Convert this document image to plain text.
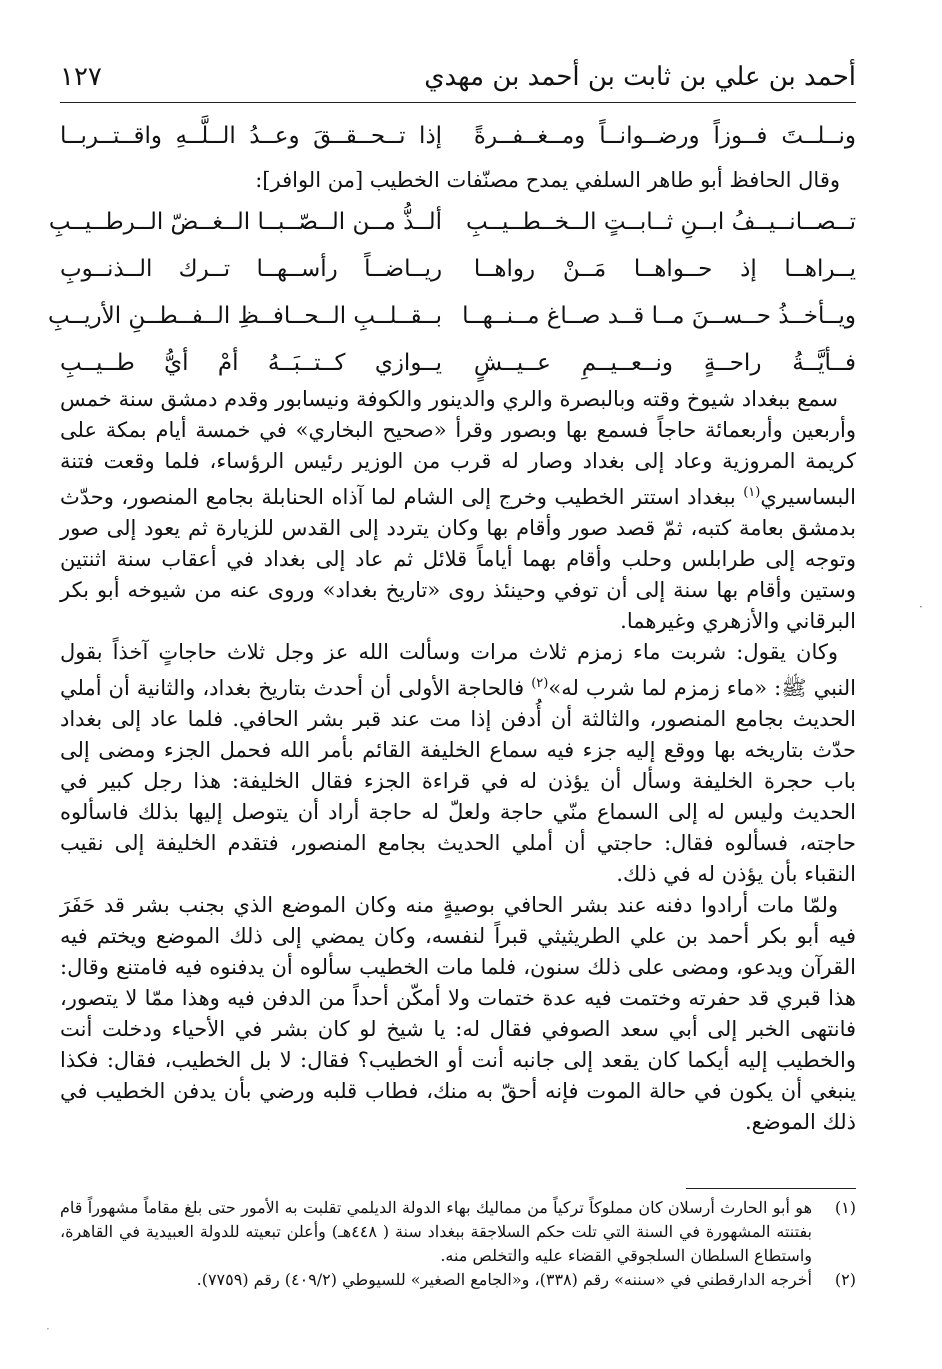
أحمد بن علي بن ثابت بن أحمد بن مهدي
١٢٧
ونــلــتَ فــوزاً ورضــوانــاً ومــغــفــرةً
إذا تــحــقــقَ وعــدُ الــلَّــهِ واقــتــربــا
وقال الحافظ أبو طاهر السلفي يمدح مصنّفات الخطيب [من الوافر]:
تــصــانــيــفُ ابــنِ ثــابــتٍ الــخــطــيــبِ
ألــذُّ مــن الــصّــبــا الــغــضّ الــرطــيــبِ
يــراهــا إذ حــواهــا مَــنْ رواهــا
ريــاضــاً رأســهــا تــرك الــذنــوبِ
ويــأخــذُ حــســنَ مــا قــد صــاغ مــنــهــا
بــقــلــبِ الــحــافــظِ الــفــطــنِ الأريــبِ
فــأيَّــةُ راحــةٍ ونــعــيــمِ عــيــشٍ
يــوازي كــتــبَــهُ أمْ أيُّ طــيــبِ

سمع ببغداد شيوخ وقته وبالبصرة والري والدينور والكوفة ونيسابور وقدم دمشق سنة خمس وأربعين وأربعمائة حاجاً فسمع بها وبصور وقرأ «صحيح البخاري» في خمسة أيام بمكة على كريمة المروزية وعاد إلى بغداد وصار له قرب من الوزير رئيس الرؤساء، فلما وقعت فتنة البساسيري$^{(١)}$ ببغداد استتر الخطيب وخرج إلى الشام لما آذاه الحنابلة بجامع المنصور، وحدّث بدمشق بعامة كتبه، ثمّ قصد صور وأقام بها وكان يتردد إلى القدس للزيارة ثم يعود إلى صور وتوجه إلى طرابلس وحلب وأقام بهما أياماً قلائل ثم عاد إلى بغداد في أعقاب سنة اثنتين وستين وأقام بها سنة إلى أن توفي وحينئذ روى «تاريخ بغداد» وروى عنه من شيوخه أبو بكر البرقاني والأزهري وغيرهما.

وكان يقول: شربت ماء زمزم ثلاث مرات وسألت الله عز وجل ثلاث حاجاتٍ آخذاً بقول النبي ﷺ: «ماء زمزم لما شرب له»$^{(٢)}$ فالحاجة الأولى أن أحدث بتاريخ بغداد، والثانية أن أملي الحديث بجامع المنصور، والثالثة أن أُدفن إذا مت عند قبر بشر الحافي. فلما عاد إلى بغداد حدّث بتاريخه بها ووقع إليه جزء فيه سماع الخليفة القائم بأمر الله فحمل الجزء ومضى إلى باب حجرة الخليفة وسأل أن يؤذن له في قراءة الجزء فقال الخليفة: هذا رجل كبير في الحديث وليس له إلى السماع منّي حاجة ولعلّ له حاجة أراد أن يتوصل إليها بذلك فاسألوه حاجته، فسألوه فقال: حاجتي أن أملي الحديث بجامع المنصور، فتقدم الخليفة إلى نقيب النقباء بأن يؤذن له في ذلك.

ولمّا مات أرادوا دفنه عند بشر الحافي بوصيةٍ منه وكان الموضع الذي بجنب بشر قد حَفَرَ فيه أبو بكر أحمد بن علي الطريثيثي قبراً لنفسه، وكان يمضي إلى ذلك الموضع ويختم فيه القرآن ويدعو، ومضى على ذلك سنون، فلما مات الخطيب سألوه أن يدفنوه فيه فامتنع وقال: هذا قبري قد حفرته وختمت فيه عدة ختمات ولا أمكّن أحداً من الدفن فيه وهذا ممّا لا يتصور، فانتهى الخبر إلى أبي سعد الصوفي فقال له: يا شيخ لو كان بشر في الأحياء ودخلت أنت والخطيب إليه أيكما كان يقعد إلى جانبه أنت أو الخطيب؟ فقال: لا بل الخطيب، فقال: فكذا ينبغي أن يكون في حالة الموت فإنه أحقّ به منك، فطاب قلبه ورضي بأن يدفن الخطيب في ذلك الموضع.

(١)
هو أبو الحارث أرسلان كان مملوكاً تركياً من مماليك بهاء الدولة الديلمي تقلبت به الأمور حتى بلغ مقاماً مشهوراً قام بفتنته المشهورة في السنة التي تلت حكم السلاجقة ببغداد سنة ( ٤٤٨هـ) وأعلن تبعيته للدولة العبيدية في القاهرة، واستطاع السلطان السلجوقي القضاء عليه والتخلص منه.
(٢)
أخرجه الدارقطني في «سننه» رقم (٣٣٨)، و«الجامع الصغير» للسيوطي (٤٠٩/٢) رقم (٧٧٥٩).
·
·
